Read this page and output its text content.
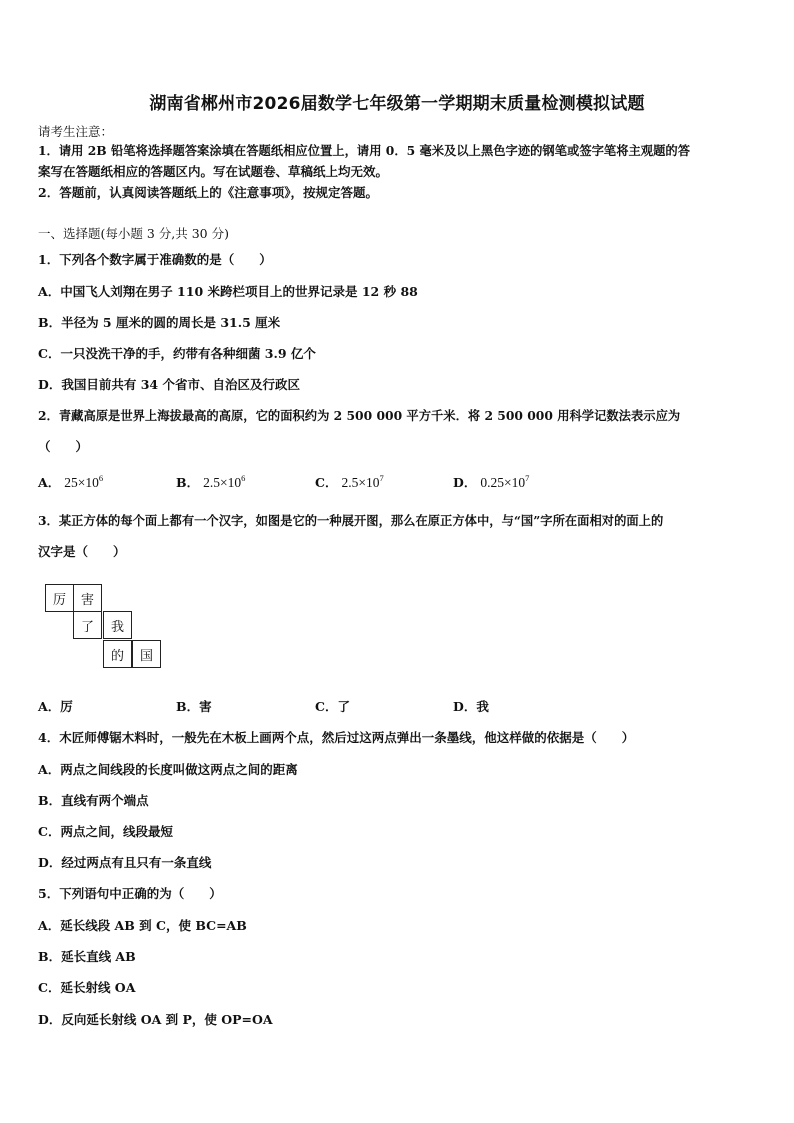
湖南省郴州市2026届数学七年级第一学期期末质量检测模拟试题
请考生注意：
1．请用 2B 铅笔将选择题答案涂填在答题纸相应位置上，请用 0．5 毫米及以上黑色字迹的钢笔或签字笔将主观题的答
案写在答题纸相应的答题区内。写在试题卷、草稿纸上均无效。
2．答题前，认真阅读答题纸上的《注意事项》，按规定答题。
一、选择题(每小题 3 分,共 30 分)
1．下列各个数字属于准确数的是（　　）
A．中国飞人刘翔在男子 110 米跨栏项目上的世界记录是 12 秒 88
B．半径为 5 厘米的圆的周长是 31.5 厘米
C．一只没洗干净的手，约带有各种细菌 3.9 亿个
D．我国目前共有 34 个省市、自治区及行政区
2．青藏高原是世界上海拔最高的高原，它的面积约为 2 500 000 平方千米．将 2 500 000 用科学记数法表示应为
（　　）
A． $25\times 10^6$	B． $2.5\times 10^6$	C． $2.5\times 10^7$	D． $0.25\times 10^7$
3．某正方体的每个面上都有一个汉字，如图是它的一种展开图，那么在原正方体中，与“国”字所在面相对的面上的
汉字是（　　）
厉	害
了	我
的	国
A．厉	B．害	C．了	D．我
4．木匠师傅锯木料时，一般先在木板上画两个点，然后过这两点弹出一条墨线，他这样做的依据是（　　）
A．两点之间线段的长度叫做这两点之间的距离
B．直线有两个端点
C．两点之间，线段最短
D．经过两点有且只有一条直线
5．下列语句中正确的为（　　）
A．延长线段 AB 到 C，使 BC=AB
B．延长直线 AB
C．延长射线 OA
D．反向延长射线 OA 到 P，使 OP=OA
